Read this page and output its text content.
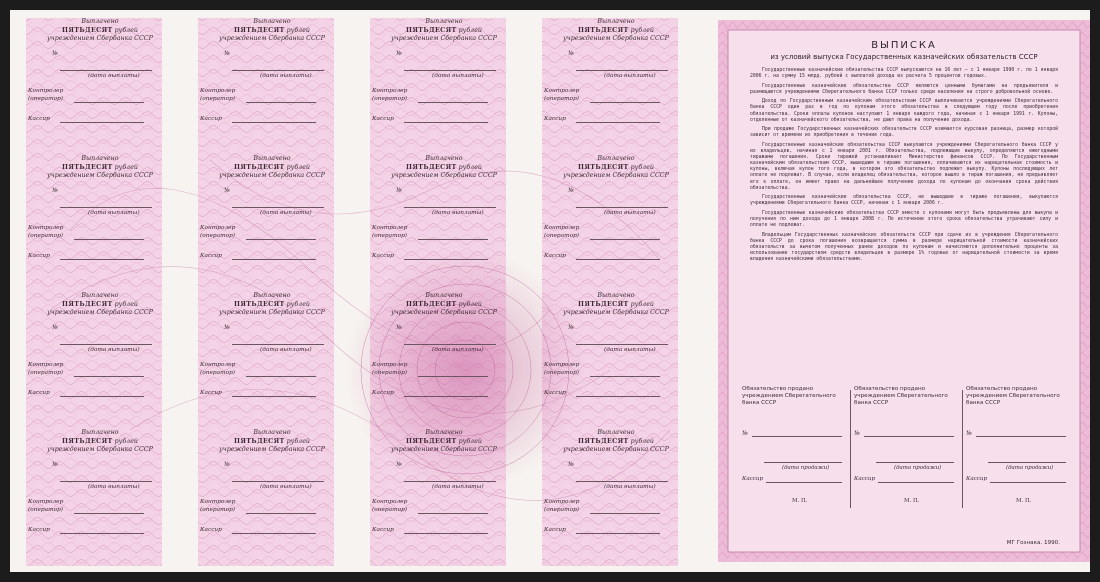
Выплачено
ПЯТЬДЕСЯТ рублей
учреждением Сбербанка СССР
№
(дата выплаты)
Контролер
(оператор)
Кассир
Выплачено
ПЯТЬДЕСЯТ рублей
учреждением Сбербанка СССР
№
(дата выплаты)
Контролер
(оператор)
Кассир
Выплачено
ПЯТЬДЕСЯТ рублей
учреждением Сбербанка СССР
№
(дата выплаты)
Контролер
(оператор)
Кассир
Выплачено
ПЯТЬДЕСЯТ рублей
учреждением Сбербанка СССР
№
(дата выплаты)
Контролер
(оператор)
Кассир
Выплачено
ПЯТЬДЕСЯТ рублей
учреждением Сбербанка СССР
№
(дата выплаты)
Контролер
(оператор)
Кассир
Выплачено
ПЯТЬДЕСЯТ рублей
учреждением Сбербанка СССР
№
(дата выплаты)
Контролер
(оператор)
Кассир
Выплачено
ПЯТЬДЕСЯТ рублей
учреждением Сбербанка СССР
№
(дата выплаты)
Контролер
(оператор)
Кассир
Выплачено
ПЯТЬДЕСЯТ рублей
учреждением Сбербанка СССР
№
(дата выплаты)
Контролер
(оператор)
Кассир
Выплачено
ПЯТЬДЕСЯТ рублей
учреждением Сбербанка СССР
№
(дата выплаты)
Контролер
(оператор)
Кассир
Выплачено
ПЯТЬДЕСЯТ рублей
учреждением Сбербанка СССР
№
(дата выплаты)
Контролер
(оператор)
Кассир
Выплачено
ПЯТЬДЕСЯТ рублей
учреждением Сбербанка СССР
№
(дата выплаты)
Контролер
(оператор)
Кассир
Выплачено
ПЯТЬДЕСЯТ рублей
учреждением Сбербанка СССР
№
(дата выплаты)
Контролер
(оператор)
Кассир
Выплачено
ПЯТЬДЕСЯТ рублей
учреждением Сбербанка СССР
№
(дата выплаты)
Контролер
(оператор)
Кассир
Выплачено
ПЯТЬДЕСЯТ рублей
учреждением Сбербанка СССР
№
(дата выплаты)
Контролер
(оператор)
Кассир
Выплачено
ПЯТЬДЕСЯТ рублей
учреждением Сбербанка СССР
№
(дата выплаты)
Контролер
(оператор)
Кассир
Выплачено
ПЯТЬДЕСЯТ рублей
учреждением Сбербанка СССР
№
(дата выплаты)
Контролер
(оператор)
Кассир
ВЫПИСКА
из условий выпуска Государственных казначейских обязательств СССР

Государственные казначейские обязательства СССР выпускаются на 16 лет — с 1 января 1990 г. по 1 января 2006 г. на сумму 15 млрд. рублей с выплатой дохода из расчета 5 процентов годовых.

Государственные казначейские обязательства СССР являются ценными бумагами на предъявителя и размещаются учреждениями Сберегательного банка СССР только среди населения на строго добровольной основе.

Доход по Государственным казначейским обязательствам СССР выплачивается учреждениями Сберегательного банка СССР один раз в год по купонам этого обязательства в следующем году после приобретения обязательства. Сроки оплаты купонов наступают 1 января каждого года, начиная с 1 января 1991 г. Купоны, отделенные от казначейского обязательства, не дают права на получение дохода.

При продаже Государственных казначейских обязательств СССР взимается курсовая разница, размер которой зависит от времени их приобретения в течение года.

Государственные казначейские обязательства СССР выкупаются учреждениями Сберегательного банка СССР у их владельцев, начиная с 1 января 2001 г. Обязательства, подлежащие выкупу, определяются ежегодными тиражами погашения. Сроки тиражей устанавливает Министерство финансов СССР. По Государственным казначейским обязательствам СССР, вышедшим в тираже погашения, оплачиваются их нарицательная стоимость и купоны, включая купон того года, в котором это обязательство подлежит выкупу. Купоны последующих лет оплате не подлежат. В случае, если владелец обязательства, которое вышло в тираж погашения, не предъявляет его к оплате, он имеет право на дальнейшее получение дохода по купонам до окончания срока действия обязательства.

Государственные казначейские обязательства СССР, не вышедшие в тираже погашения, выкупаются учреждениями Сберегательного банка СССР, начиная с 1 января 2006 г.

Государственные казначейские обязательства СССР вместе с купонами могут быть предъявлены для выкупа и получения по ним дохода до 1 января 2008 г. По истечении этого срока обязательства утрачивают силу и оплате не подлежат.

Владельцам Государственных казначейских обязательств СССР при сдаче их в учреждения Сберегательного банка СССР до срока погашения возвращается сумма в размере нарицательной стоимости казначейских обязательств за вычетом полученных ранее доходов по купонам и начисляются дополнительно проценты за использование государством средств владельцев в размере 1% годовых от нарицательной стоимости за время владения казначейскими обязательствами.

Обязательство продано учреждением Сберегательного банка СССР
№
(дата продажи)
Кассир
М. П.
Обязательство продано учреждением Сберегательного банка СССР
№
(дата продажи)
Кассир
М. П.
Обязательство продано учреждением Сберегательного банка СССР
№
(дата продажи)
Кассир
М. П.
МГ Гознака. 1990.
